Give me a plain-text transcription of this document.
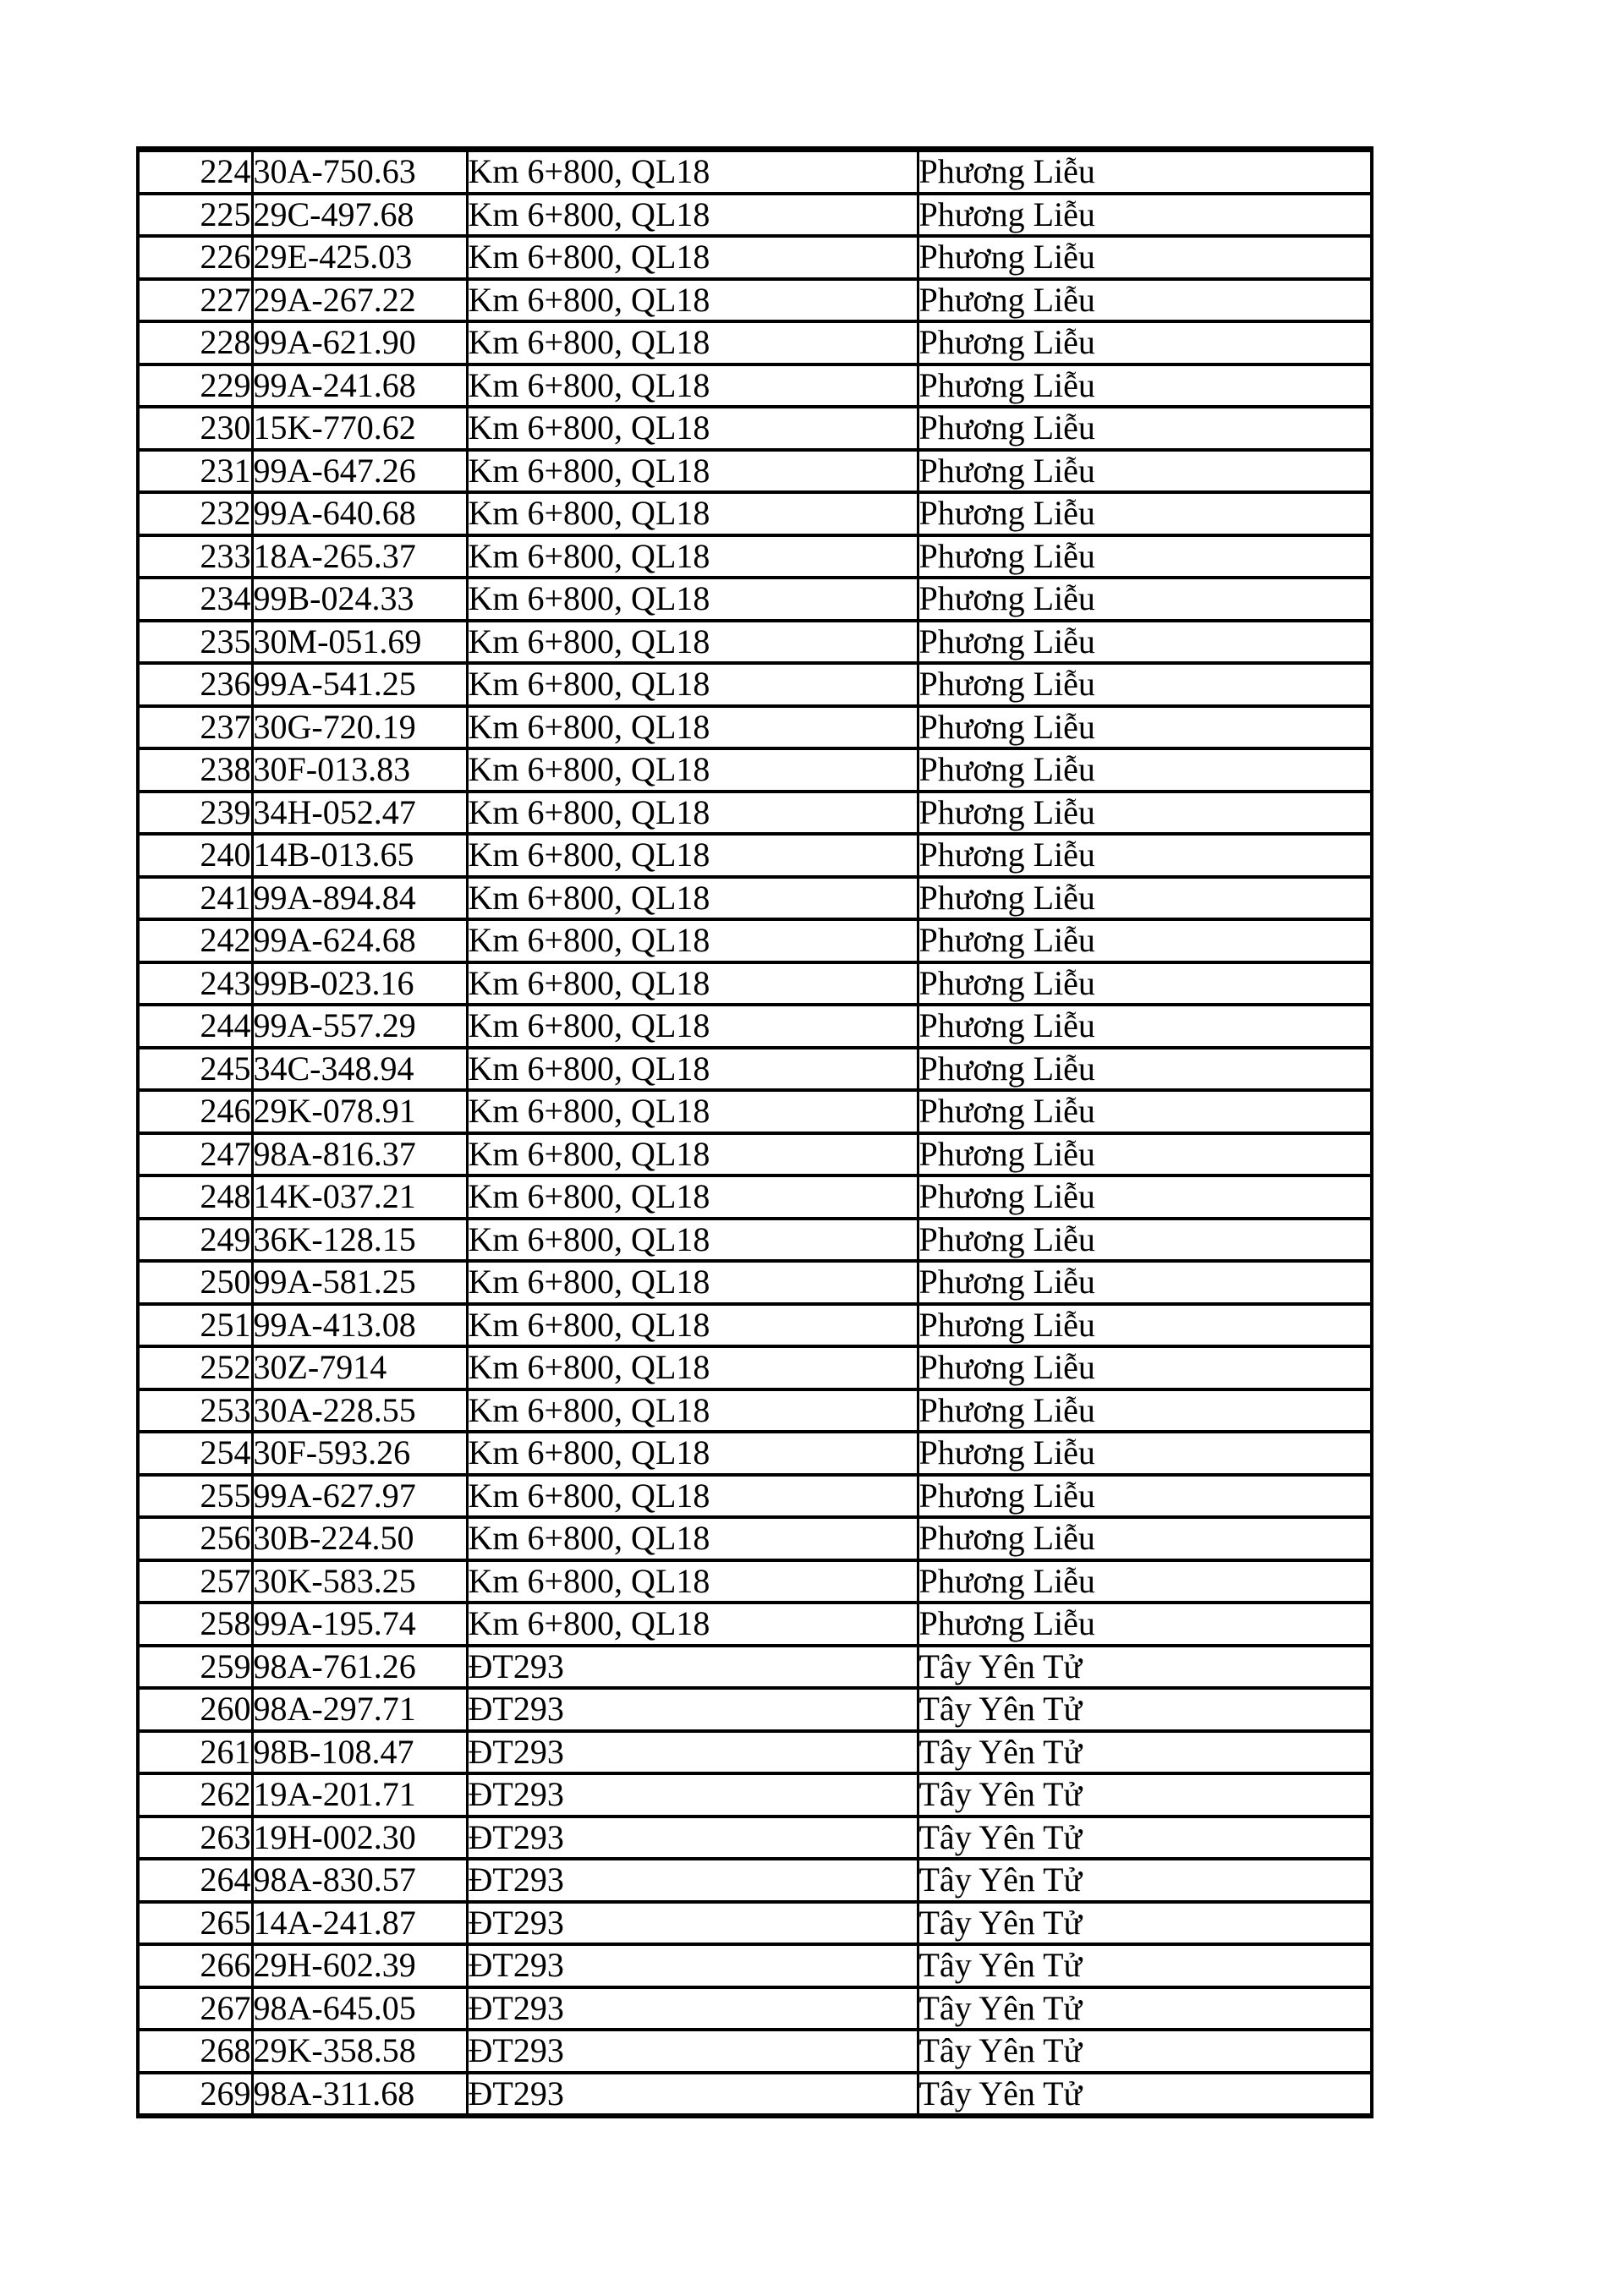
224	30A-750.63	Km 6+800, QL18	Phương Liễu
225	29C-497.68	Km 6+800, QL18	Phương Liễu
226	29E-425.03	Km 6+800, QL18	Phương Liễu
227	29A-267.22	Km 6+800, QL18	Phương Liễu
228	99A-621.90	Km 6+800, QL18	Phương Liễu
229	99A-241.68	Km 6+800, QL18	Phương Liễu
230	15K-770.62	Km 6+800, QL18	Phương Liễu
231	99A-647.26	Km 6+800, QL18	Phương Liễu
232	99A-640.68	Km 6+800, QL18	Phương Liễu
233	18A-265.37	Km 6+800, QL18	Phương Liễu
234	99B-024.33	Km 6+800, QL18	Phương Liễu
235	30M-051.69	Km 6+800, QL18	Phương Liễu
236	99A-541.25	Km 6+800, QL18	Phương Liễu
237	30G-720.19	Km 6+800, QL18	Phương Liễu
238	30F-013.83	Km 6+800, QL18	Phương Liễu
239	34H-052.47	Km 6+800, QL18	Phương Liễu
240	14B-013.65	Km 6+800, QL18	Phương Liễu
241	99A-894.84	Km 6+800, QL18	Phương Liễu
242	99A-624.68	Km 6+800, QL18	Phương Liễu
243	99B-023.16	Km 6+800, QL18	Phương Liễu
244	99A-557.29	Km 6+800, QL18	Phương Liễu
245	34C-348.94	Km 6+800, QL18	Phương Liễu
246	29K-078.91	Km 6+800, QL18	Phương Liễu
247	98A-816.37	Km 6+800, QL18	Phương Liễu
248	14K-037.21	Km 6+800, QL18	Phương Liễu
249	36K-128.15	Km 6+800, QL18	Phương Liễu
250	99A-581.25	Km 6+800, QL18	Phương Liễu
251	99A-413.08	Km 6+800, QL18	Phương Liễu
252	30Z-7914	Km 6+800, QL18	Phương Liễu
253	30A-228.55	Km 6+800, QL18	Phương Liễu
254	30F-593.26	Km 6+800, QL18	Phương Liễu
255	99A-627.97	Km 6+800, QL18	Phương Liễu
256	30B-224.50	Km 6+800, QL18	Phương Liễu
257	30K-583.25	Km 6+800, QL18	Phương Liễu
258	99A-195.74	Km 6+800, QL18	Phương Liễu
259	98A-761.26	ĐT293	Tây Yên Tử
260	98A-297.71	ĐT293	Tây Yên Tử
261	98B-108.47	ĐT293	Tây Yên Tử
262	19A-201.71	ĐT293	Tây Yên Tử
263	19H-002.30	ĐT293	Tây Yên Tử
264	98A-830.57	ĐT293	Tây Yên Tử
265	14A-241.87	ĐT293	Tây Yên Tử
266	29H-602.39	ĐT293	Tây Yên Tử
267	98A-645.05	ĐT293	Tây Yên Tử
268	29K-358.58	ĐT293	Tây Yên Tử
269	98A-311.68	ĐT293	Tây Yên Tử
